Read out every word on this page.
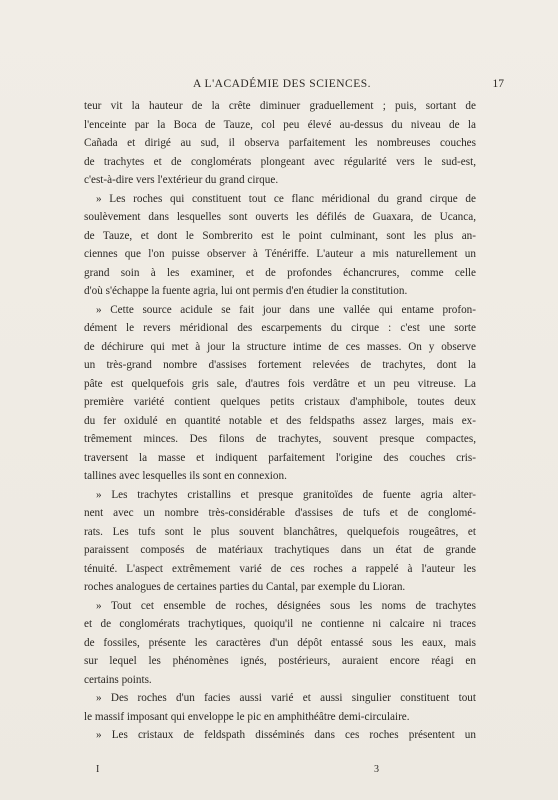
A L'ACADÉMIE DES SCIENCES.	17
teur vit la hauteur de la crête diminuer graduellement ; puis, sortant de
l'enceinte par la Boca de Tauze, col peu élevé au-dessus du niveau de la
Cañada et dirigé au sud, il observa parfaitement les nombreuses couches
de trachytes et de conglomérats plongeant avec régularité vers le sud-est,
c'est-à-dire vers l'extérieur du grand cirque.
» Les roches qui constituent tout ce flanc méridional du grand cirque de
soulèvement dans lesquelles sont ouverts les défilés de Guaxara, de Ucanca,
de Tauze, et dont le Sombrerito est le point culminant, sont les plus an-
ciennes que l'on puisse observer à Ténériffe. L'auteur a mis naturellement un
grand soin à les examiner, et de profondes échancrures, comme celle
d'où s'échappe la fuente agria, lui ont permis d'en étudier la constitution.
» Cette source acidule se fait jour dans une vallée qui entame profon-
dément le revers méridional des escarpements du cirque : c'est une sorte
de déchirure qui met à jour la structure intime de ces masses. On y observe
un très-grand nombre d'assises fortement relevées de trachytes, dont la
pâte est quelquefois gris sale, d'autres fois verdâtre et un peu vitreuse. La
première variété contient quelques petits cristaux d'amphibole, toutes deux
du fer oxidulé en quantité notable et des feldspaths assez larges, mais ex-
trêmement minces. Des filons de trachytes, souvent presque compactes,
traversent la masse et indiquent parfaitement l'origine des couches cris-
tallines avec lesquelles ils sont en connexion.
» Les trachytes cristallins et presque granitoïdes de fuente agria alter-
nent avec un nombre très-considérable d'assises de tufs et de conglomé-
rats. Les tufs sont le plus souvent blanchâtres, quelquefois rougeâtres, et
paraissent composés de matériaux trachytiques dans un état de grande
ténuité. L'aspect extrêmement varié de ces roches a rappelé à l'auteur les
roches analogues de certaines parties du Cantal, par exemple du Lioran.
» Tout cet ensemble de roches, désignées sous les noms de trachytes
et de conglomérats trachytiques, quoiqu'il ne contienne ni calcaire ni traces
de fossiles, présente les caractères d'un dépôt entassé sous les eaux, mais
sur lequel les phénomènes ignés, postérieurs, auraient encore réagi en
certains points.
» Des roches d'un facies aussi varié et aussi singulier constituent tout
le massif imposant qui enveloppe le pic en amphithéâtre demi-circulaire.
» Les cristaux de feldspath disséminés dans ces roches présentent un
I	3
